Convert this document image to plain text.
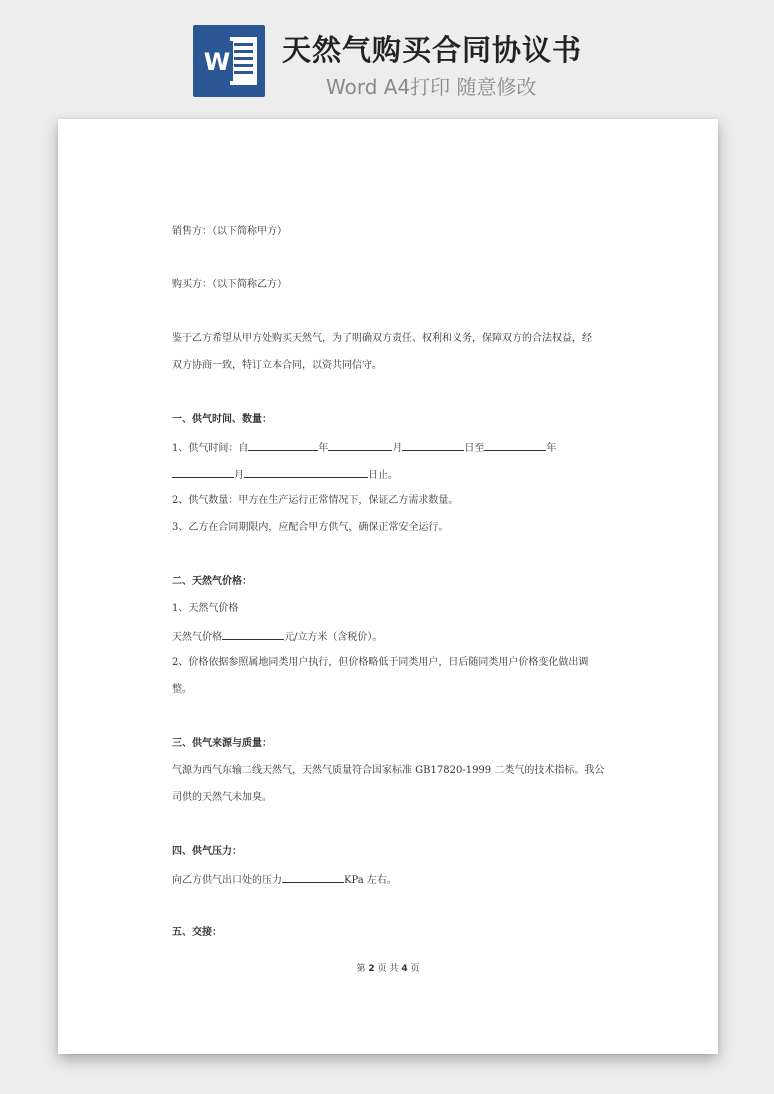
W 天然气购买合同协议书
Word A4打印 随意修改

销售方：（以下简称甲方）
购买方：（以下简称乙方）
鉴于乙方希望从甲方处购买天然气，为了明确双方责任、权利和义务，保障双方的合法权益，经
双方协商一致，特订立本合同，以资共同信守。
一、供气时间、数量：
1、供气时间：自	年	月	日至	年
月	日止。
2、供气数量：甲方在生产运行正常情况下，保证乙方需求数量。
3、乙方在合同期限内，应配合甲方供气，确保正常安全运行。
二、天然气价格：
1、天然气价格
天然气价格	元/立方米（含税价）。
2、价格依据参照属地同类用户执行，但价格略低于同类用户，日后随同类用户价格变化做出调
整。
三、供气来源与质量：
气源为西气东输二线天然气，天然气质量符合国家标准 GB17820-1999 二类气的技术指标。我公
司供的天然气未加臭。
四、供气压力：
向乙方供气出口处的压力	KPa 左右。
五、交接：
第 2 页 共 4 页
